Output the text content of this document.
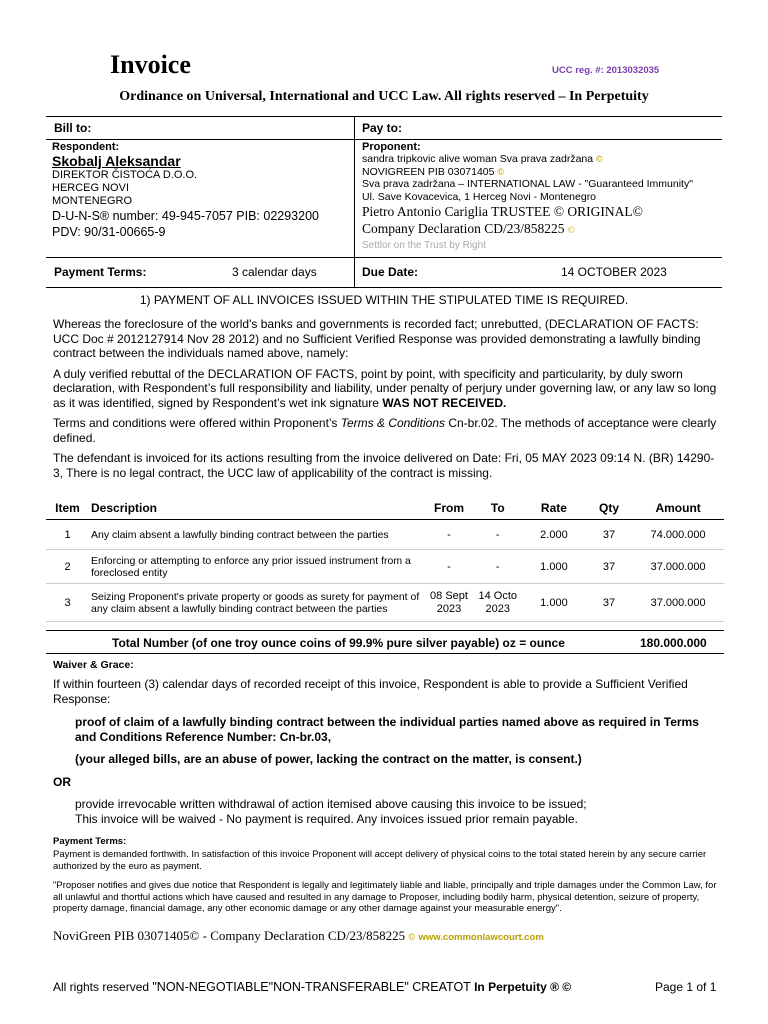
Invoice	UCC reg. #: 2013032035
Ordinance on Universal, International and UCC Law. All rights reserved – In Perpetuity
Bill to:	Pay to:
Respondent:
Skobalj Aleksandar
DIREKTOR ČISTOĆA D.O.O.
HERCEG NOVI
MONTENEGRO
D-U-N-S® number: 49-945-7057 PIB: 02293200
PDV: 90/31-00665-9
Proponent:
sandra tripkovic alive woman Sva prava zadržana ©
NOVIGREEN PIB 03071405 ©
Sva prava zadržana – INTERNATIONAL LAW - "Guaranteed Immunity"
Ul. Save Kovacevica, 1 Herceg Novi - Montenegro
Pietro Antonio Cariglia TRUSTEE © ORIGINAL©
Company Declaration CD/23/858225 ©
Settlor on the Trust by Right
Payment Terms:	3 calendar days	Due Date:	14 OCTOBER 2023
1) PAYMENT OF ALL INVOICES ISSUED WITHIN THE STIPULATED TIME IS REQUIRED.

Whereas the foreclosure of the world's banks and governments is recorded fact; unrebutted, (DECLARATION OF FACTS: UCC Doc # 2012127914 Nov 28 2012) and no Sufficient Verified Response was provided demonstrating a lawfully binding contract between the individuals named above, namely:

A duly verified rebuttal of the DECLARATION OF FACTS, point by point, with specificity and particularity, by duly sworn declaration, with Respondent’s full responsibility and liability, under penalty of perjury under governing law, or any law so long as it was identified, signed by Respondent’s wet ink signature WAS NOT RECEIVED.

Terms and conditions were offered within Proponent’s Terms & Conditions Cn-br.02. The methods of acceptance were clearly defined.

The defendant is invoiced for its actions resulting from the invoice delivered on Date: Fri, 05 MAY 2023 09:14 N. (BR) 14290-3, There is no legal contract, the UCC law of applicability of the contract is missing.

Item	Description	From	To	Rate	Qty	Amount
1	Any claim absent a lawfully binding contract between the parties	-	-	2.000	37	74.000.000
2	Enforcing or attempting to enforce any prior issued instrument from a foreclosed entity	-	-	1.000	37	37.000.000
3	Seizing Proponent's private property or goods as surety for payment of any claim absent a lawfully binding contract between the parties	08 Sept 2023	14 Octo 2023	1.000	37	37.000.000
Total Number (of one troy ounce coins of 99.9% pure silver payable) oz = ounce	180.000.000
Waiver & Grace:
If within fourteen (3) calendar days of recorded receipt of this invoice, Respondent is able to provide a Sufficient Verified Response:
proof of claim of a lawfully binding contract between the individual parties named above as required in Terms and Conditions Reference Number: Cn-br.03,
(your alleged bills, are an abuse of power, lacking the contract on the matter, is consent.)
OR
provide irrevocable written withdrawal of action itemised above causing this invoice to be issued;
This invoice will be waived - No payment is required. Any invoices issued prior remain payable.
Payment Terms:
Payment is demanded forthwith. In satisfaction of this invoice Proponent will accept delivery of physical coins to the total stated herein by any secure carrier authorized by the euro as payment.
"Proposer notifies and gives due notice that Respondent is legally and legitimately liable and liable, principally and triple damages under the Common Law, for all unlawful and thortful actions which have caused and resulted in any damage to Proposer, including bodily harm, physical detention, seizure of property, property damage, financial damage, any other economic damage or any other damage against your measurable energy".
NoviGreen PIB 03071405© - Company Declaration CD/23/858225 © www.commonlawcourt.com
All rights reserved "NON-NEGOTIABLE"NON-TRANSFERABLE" CREATOT In Perpetuity ® ©	Page 1 of 1
